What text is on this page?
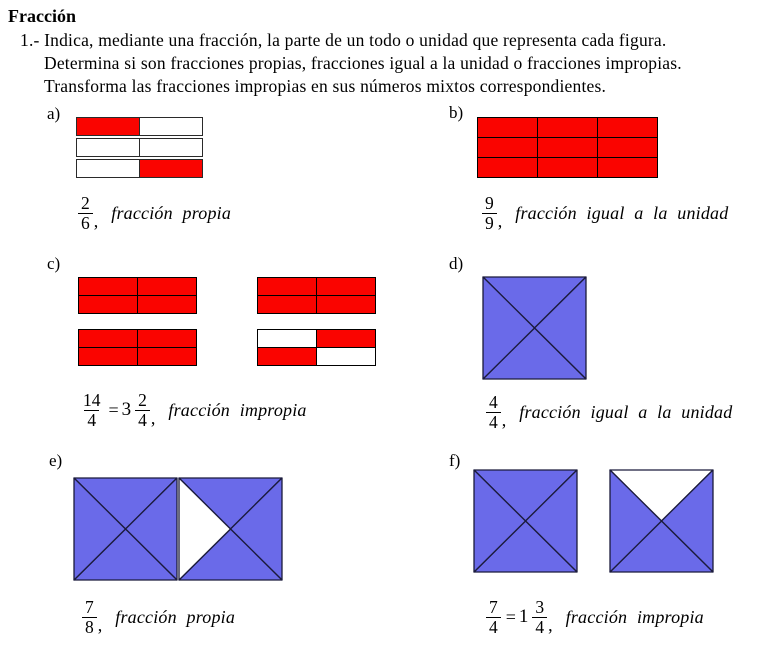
Fracción
1.- Indica, mediante una fracción, la parte de un todo o unidad que representa cada figura.
Determina si son fracciones propias, fracciones igual a la unidad o fracciones impropias.
Transforma las fracciones impropias en sus números mixtos correspondientes.
a)
$\frac{2}{6}$ , fracción propia
b)
$\frac{9}{9}$ , fracción igual a la unidad
c)
$\frac{14}{4} = 3 \frac{2}{4}$ , fracción impropia
d)
$\frac{4}{4}$ , fracción igual a la unidad
e)
$\frac{7}{8}$ , fracción propia
f)
$\frac{7}{4} = 1 \frac{3}{4}$ , fracción impropia
